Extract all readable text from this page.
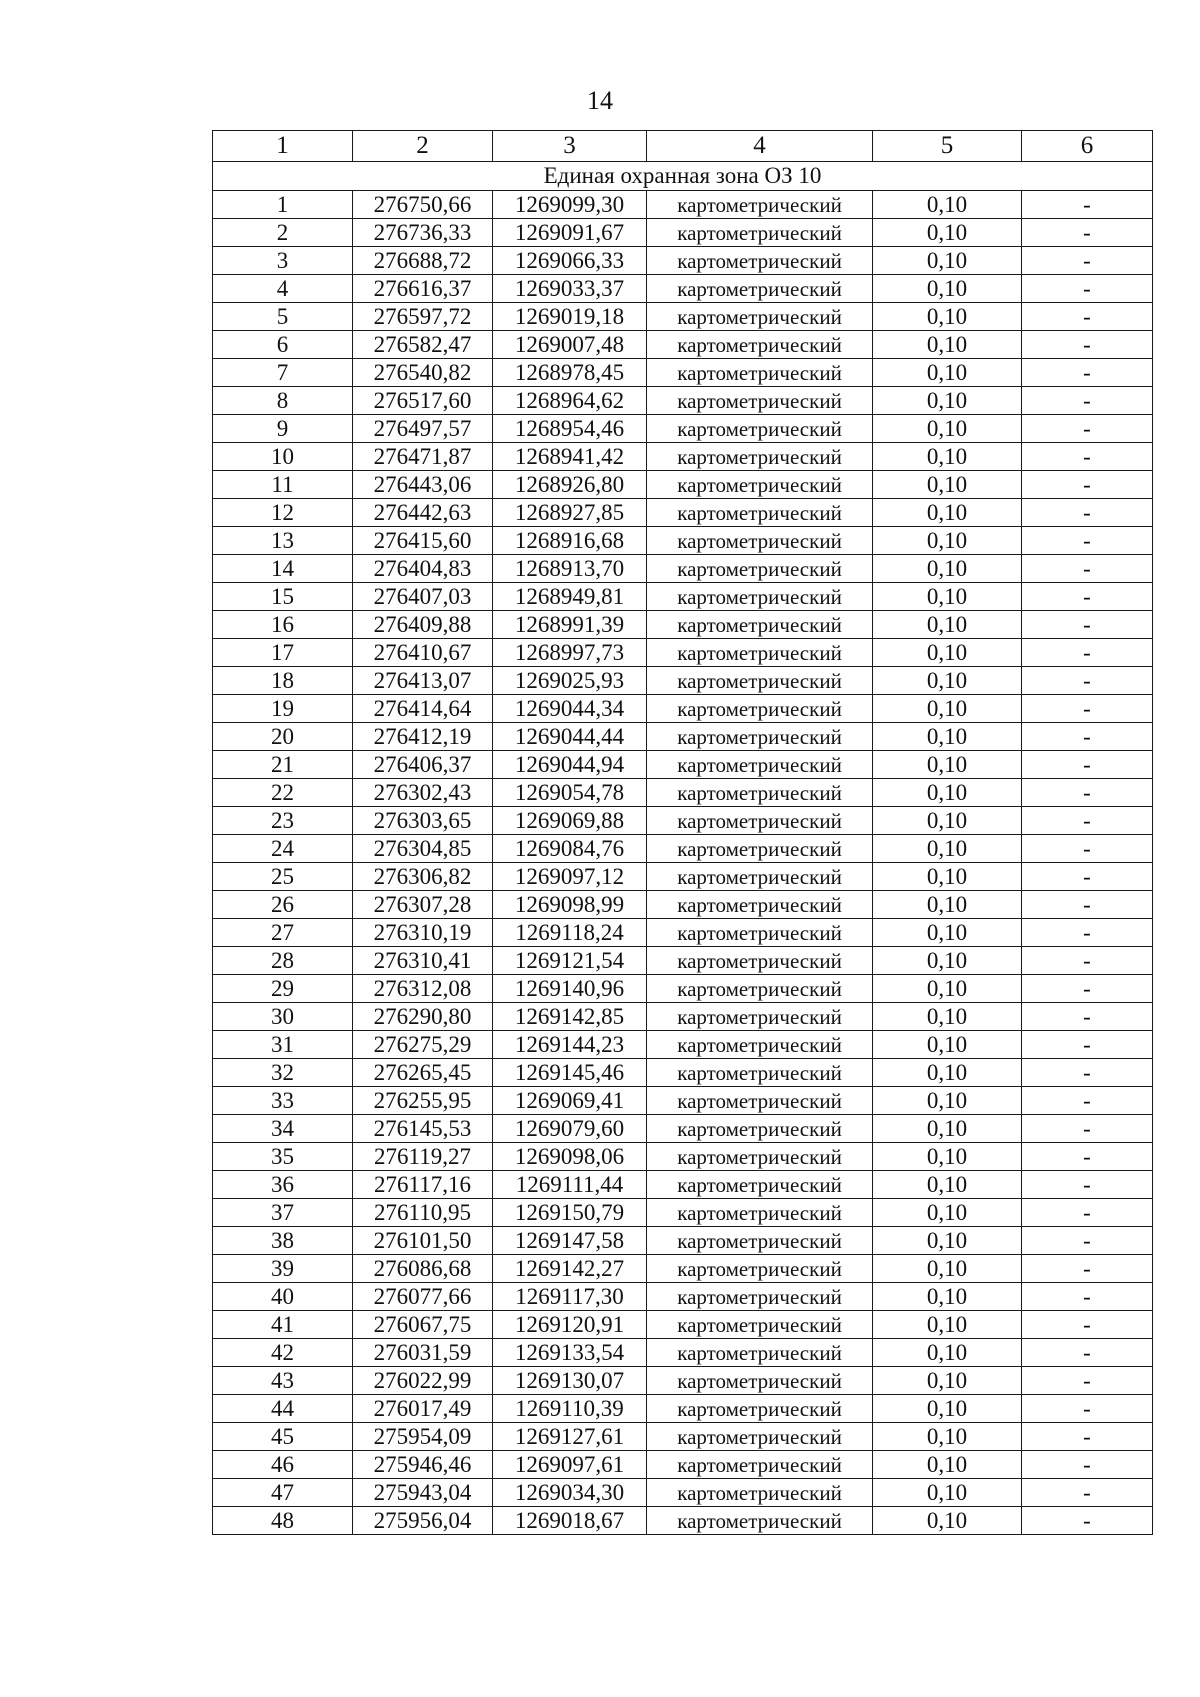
14
1	2	3	4	5	6
Единая охранная зона ОЗ 10					
1	276750,66	1269099,30	картометрический	0,10	-
2	276736,33	1269091,67	картометрический	0,10	-
3	276688,72	1269066,33	картометрический	0,10	-
4	276616,37	1269033,37	картометрический	0,10	-
5	276597,72	1269019,18	картометрический	0,10	-
6	276582,47	1269007,48	картометрический	0,10	-
7	276540,82	1268978,45	картометрический	0,10	-
8	276517,60	1268964,62	картометрический	0,10	-
9	276497,57	1268954,46	картометрический	0,10	-
10	276471,87	1268941,42	картометрический	0,10	-
11	276443,06	1268926,80	картометрический	0,10	-
12	276442,63	1268927,85	картометрический	0,10	-
13	276415,60	1268916,68	картометрический	0,10	-
14	276404,83	1268913,70	картометрический	0,10	-
15	276407,03	1268949,81	картометрический	0,10	-
16	276409,88	1268991,39	картометрический	0,10	-
17	276410,67	1268997,73	картометрический	0,10	-
18	276413,07	1269025,93	картометрический	0,10	-
19	276414,64	1269044,34	картометрический	0,10	-
20	276412,19	1269044,44	картометрический	0,10	-
21	276406,37	1269044,94	картометрический	0,10	-
22	276302,43	1269054,78	картометрический	0,10	-
23	276303,65	1269069,88	картометрический	0,10	-
24	276304,85	1269084,76	картометрический	0,10	-
25	276306,82	1269097,12	картометрический	0,10	-
26	276307,28	1269098,99	картометрический	0,10	-
27	276310,19	1269118,24	картометрический	0,10	-
28	276310,41	1269121,54	картометрический	0,10	-
29	276312,08	1269140,96	картометрический	0,10	-
30	276290,80	1269142,85	картометрический	0,10	-
31	276275,29	1269144,23	картометрический	0,10	-
32	276265,45	1269145,46	картометрический	0,10	-
33	276255,95	1269069,41	картометрический	0,10	-
34	276145,53	1269079,60	картометрический	0,10	-
35	276119,27	1269098,06	картометрический	0,10	-
36	276117,16	1269111,44	картометрический	0,10	-
37	276110,95	1269150,79	картометрический	0,10	-
38	276101,50	1269147,58	картометрический	0,10	-
39	276086,68	1269142,27	картометрический	0,10	-
40	276077,66	1269117,30	картометрический	0,10	-
41	276067,75	1269120,91	картометрический	0,10	-
42	276031,59	1269133,54	картометрический	0,10	-
43	276022,99	1269130,07	картометрический	0,10	-
44	276017,49	1269110,39	картометрический	0,10	-
45	275954,09	1269127,61	картометрический	0,10	-
46	275946,46	1269097,61	картометрический	0,10	-
47	275943,04	1269034,30	картометрический	0,10	-
48	275956,04	1269018,67	картометрический	0,10	-
